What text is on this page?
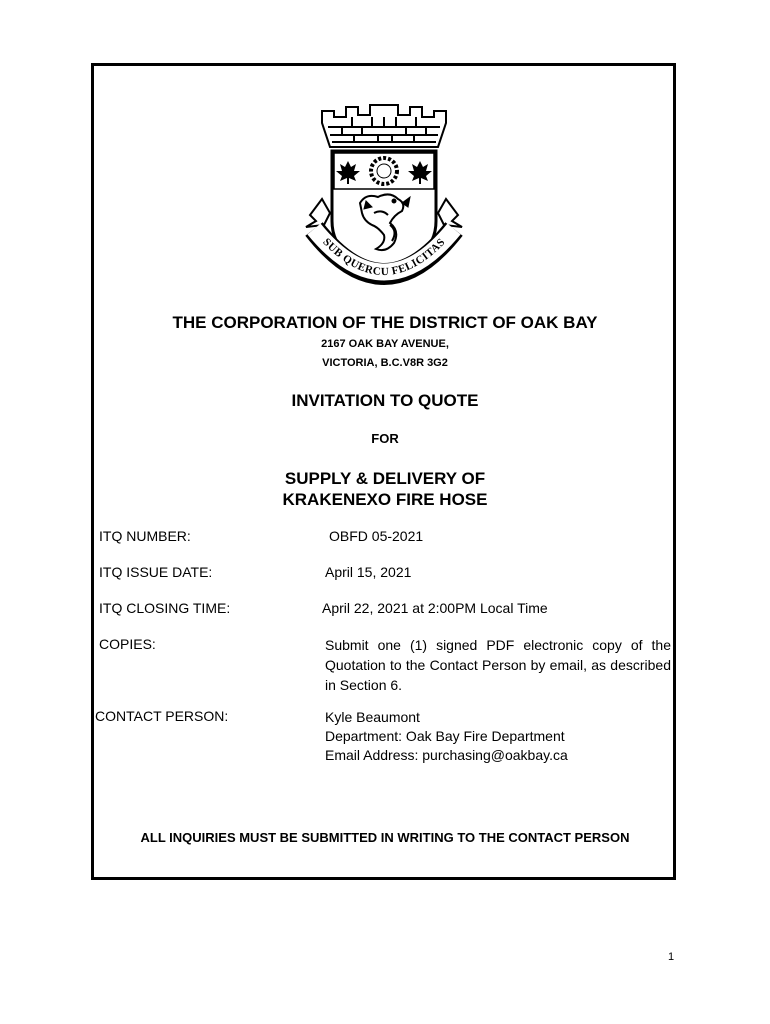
SUB QUERCU FELICITAS
THE CORPORATION OF THE DISTRICT OF OAK BAY
2167 OAK BAY AVENUE,
VICTORIA, B.C.V8R 3G2
INVITATION TO QUOTE
FOR
SUPPLY & DELIVERY OF
KRAKENEXO FIRE HOSE
ITQ NUMBER:	OBFD 05-2021
ITQ ISSUE DATE:	April 15, 2021
ITQ CLOSING TIME:	April 22, 2021 at 2:00PM Local Time
COPIES:	Submit one (1) signed PDF electronic copy of the Quotation to the Contact Person by email, as described in Section 6.
CONTACT PERSON:	Kyle Beaumont
Department: Oak Bay Fire Department
Email Address: purchasing@oakbay.ca
ALL INQUIRIES MUST BE SUBMITTED IN WRITING TO THE CONTACT PERSON
1
